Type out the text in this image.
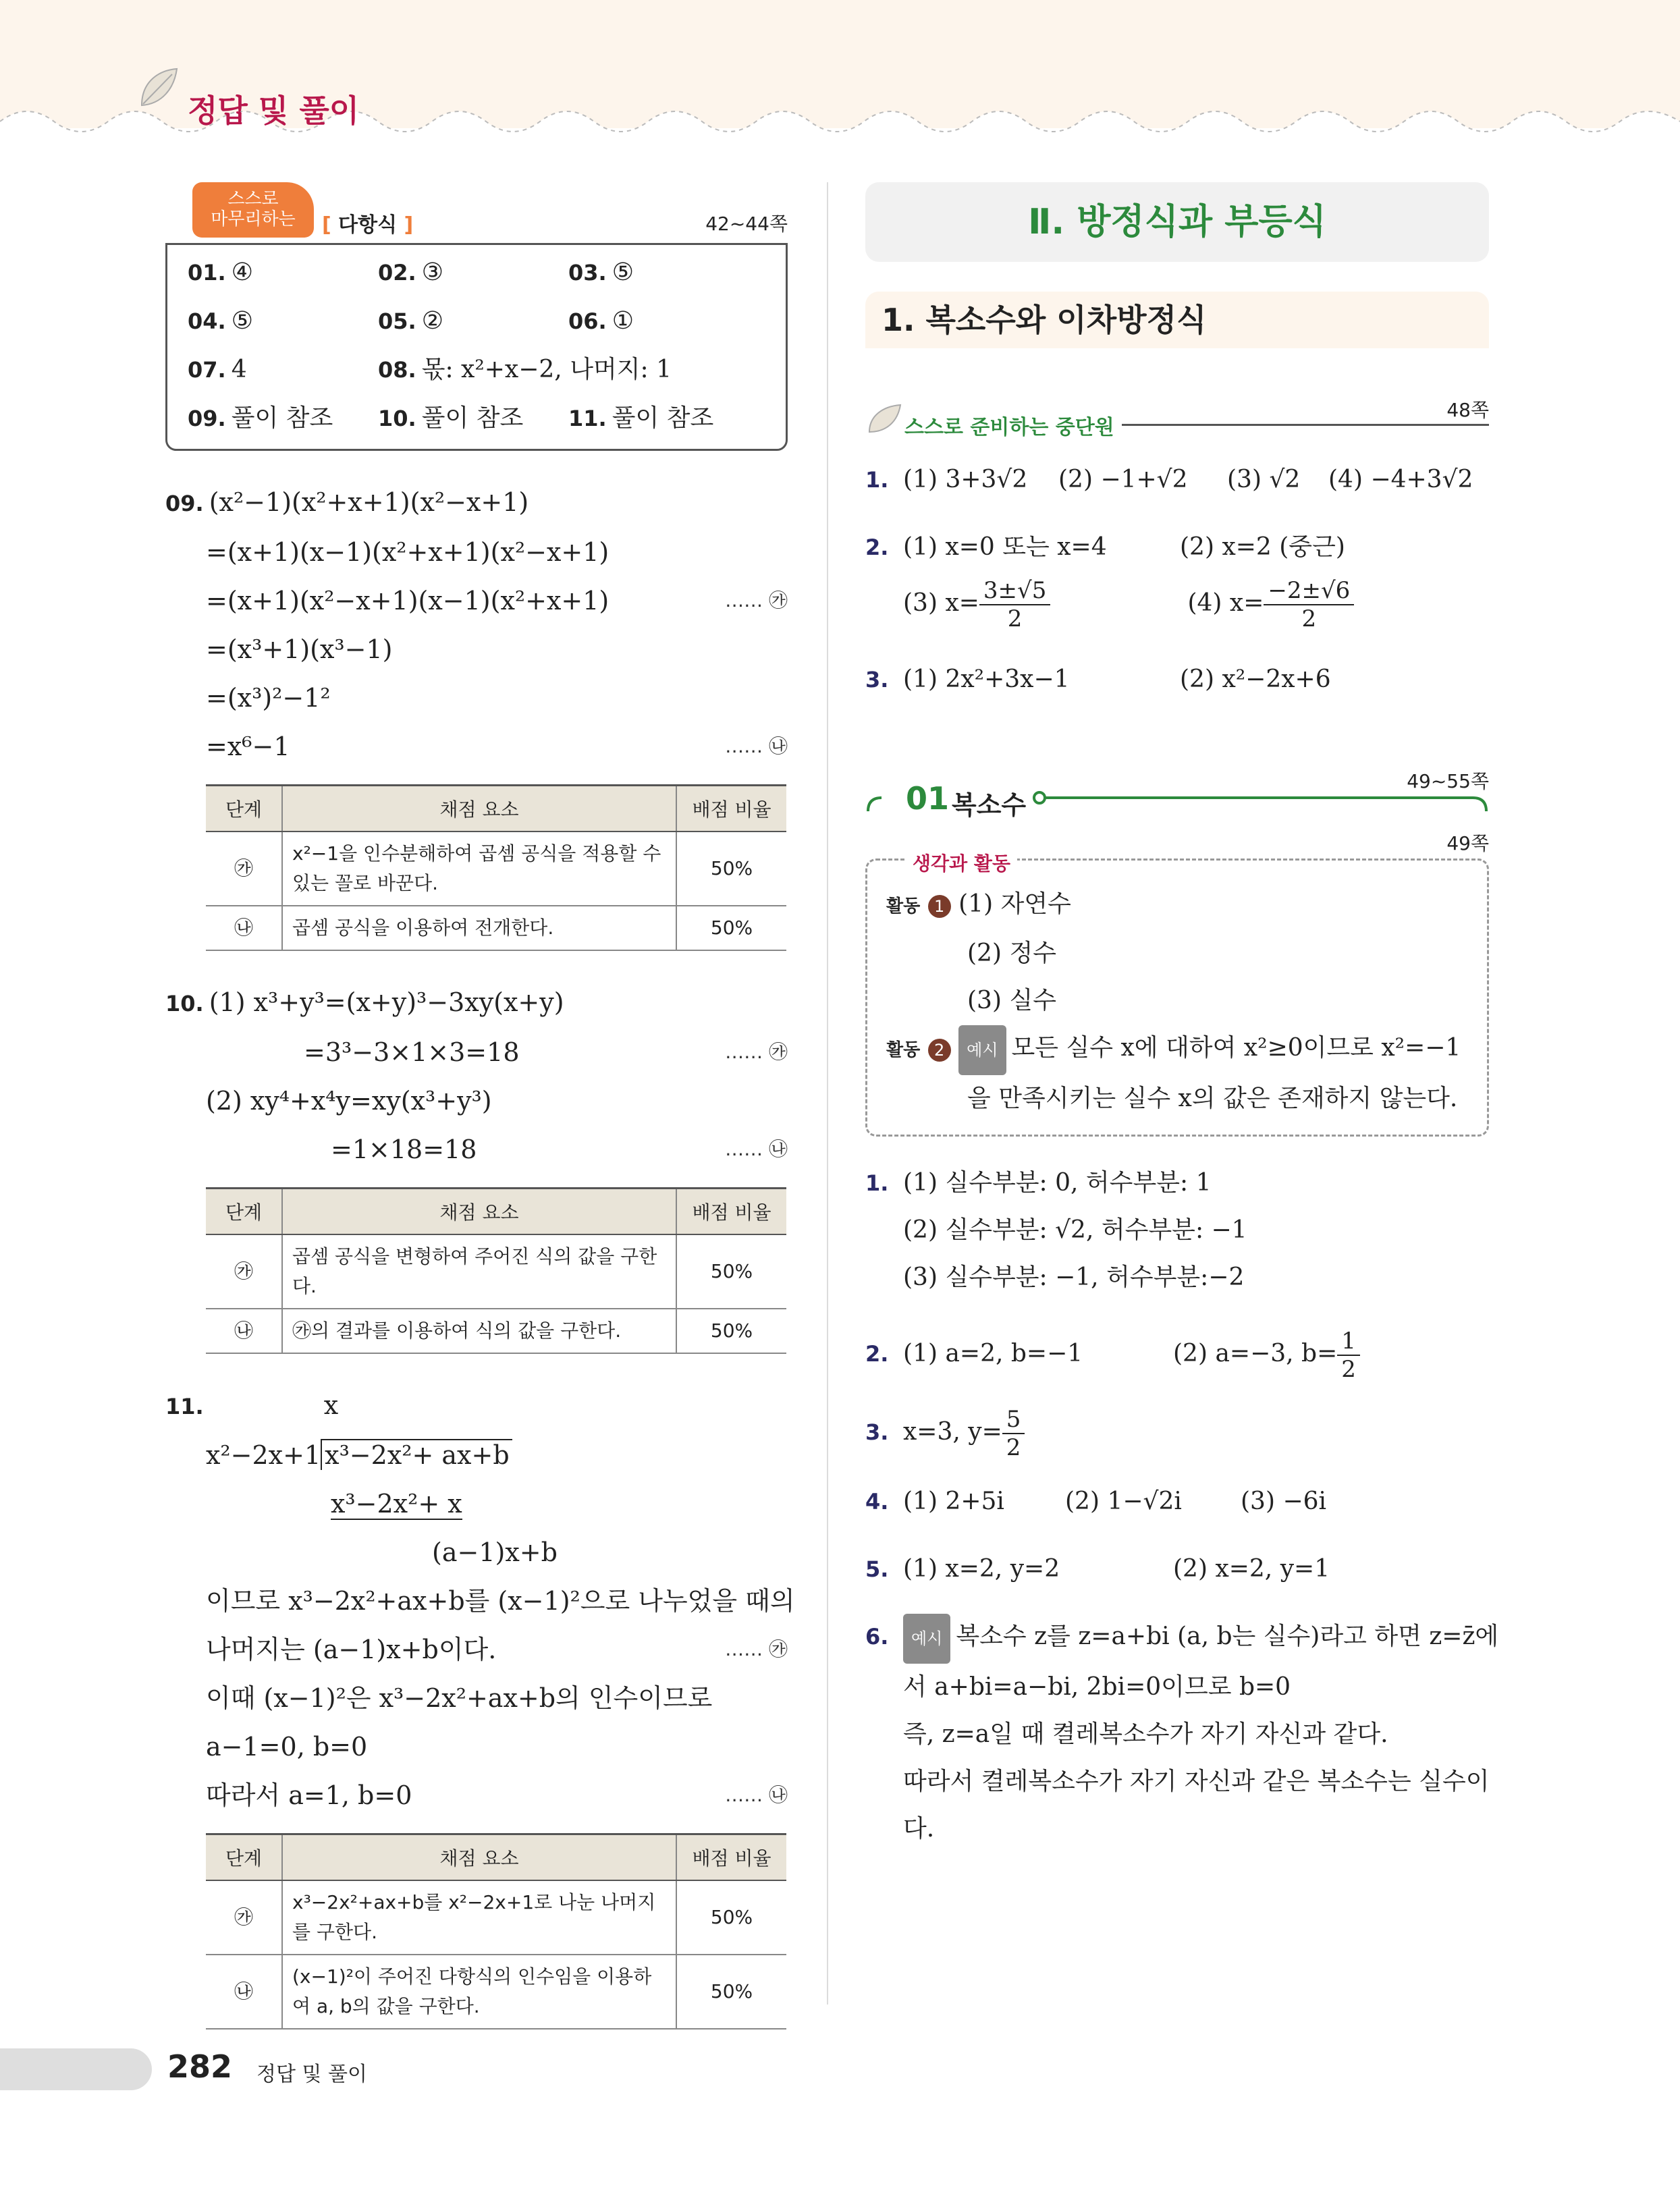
정답 및 풀이
스스로
마무리하는	[ 다항식 ]	42~44쪽
01. ④	02. ③	03. ⑤
04. ⑤	05. ②	06. ①
07. 4	08. 몫: x²+x−2, 나머지: 1
09. 풀이 참조	10. 풀이 참조	11. 풀이 참조
09. (x²−1)(x²+x+1)(x²−x+1)
=(x+1)(x−1)(x²+x+1)(x²−x+1)
=(x+1)(x²−x+1)(x−1)(x²+x+1)	…… ㉮
=(x³+1)(x³−1)
=(x³)²−1²
=x⁶−1	…… ㉯
단계	채점 요소	배점 비율
㉮	x²−1을 인수분해하여 곱셈 공식을 적용할 수 있는 꼴로 바꾼다.	50%
㉯	곱셈 공식을 이용하여 전개한다.	50%
10. (1) x³+y³=(x+y)³−3xy(x+y)
=3³−3×1×3=18	…… ㉮
(2) xy⁴+x⁴y=xy(x³+y³)
=1×18=18	…… ㉯
단계	채점 요소	배점 비율
㉮	곱셈 공식을 변형하여 주어진 식의 값을 구한다.	50%
㉯	㉮의 결과를 이용하여 식의 값을 구한다.	50%
11.	x
x²−2x+1 x³−2x²+ ax+b
x³−2x²+ x
(a−1)x+b
이므로 x³−2x²+ax+b를 (x−1)²으로 나누었을 때의
나머지는 (a−1)x+b이다.	…… ㉮
이때 (x−1)²은 x³−2x²+ax+b의 인수이므로
a−1=0, b=0
따라서 a=1, b=0	…… ㉯
단계	채점 요소	배점 비율
㉮	x³−2x²+ax+b를 x²−2x+1로 나눈 나머지를 구한다.	50%
㉯	(x−1)²이 주어진 다항식의 인수임을 이용하여 a, b의 값을 구한다.	50%
Ⅱ. 방정식과 부등식
1. 복소수와 이차방정식
스스로 준비하는 중단원
48쪽
1. (1) 3+3√2 (2) −1+√2 (3) √2 (4) −4+3√2
2. (1) x=0 또는 x=4	(2) x=2 (중근)
(3) $x= \frac{3\pm√5}{2}$	(4) $x= \frac{-2\pm√6}{2}$
3. (1) 2x²+3x−1	(2) x²−2x+6
01 복소수
49~55쪽
생각과 활동
49쪽
활동 1 (1) 자연수
(2) 정수
(3) 실수
활동 2 예시 모든 실수 x에 대하여 x²≥0이므로 x²=−1
을 만족시키는 실수 x의 값은 존재하지 않는다.
1. (1) 실수부분: 0, 허수부분: 1
(2) 실수부분: √2, 허수부분: −1
(3) 실수부분: −1, 허수부분:−2
2. (1) a=2, b=−1	(2) a=−3, $b= \frac{1}{2}$
3. x=3, $y= \frac{5}{2}$
4. (1) 2+5i	(2) 1−√2i (3) −6i
5. (1) x=2, y=2	(2) x=2, y=1
6. 예시 복소수 z를 z=a+bi (a, b는 실수)라고 하면 z=z̄에
서 a+bi=a−bi, 2bi=0이므로 b=0
즉, z=a일 때 켤레복소수가 자기 자신과 같다.
따라서 켤레복소수가 자기 자신과 같은 복소수는 실수이
다.
282 정답 및 풀이
